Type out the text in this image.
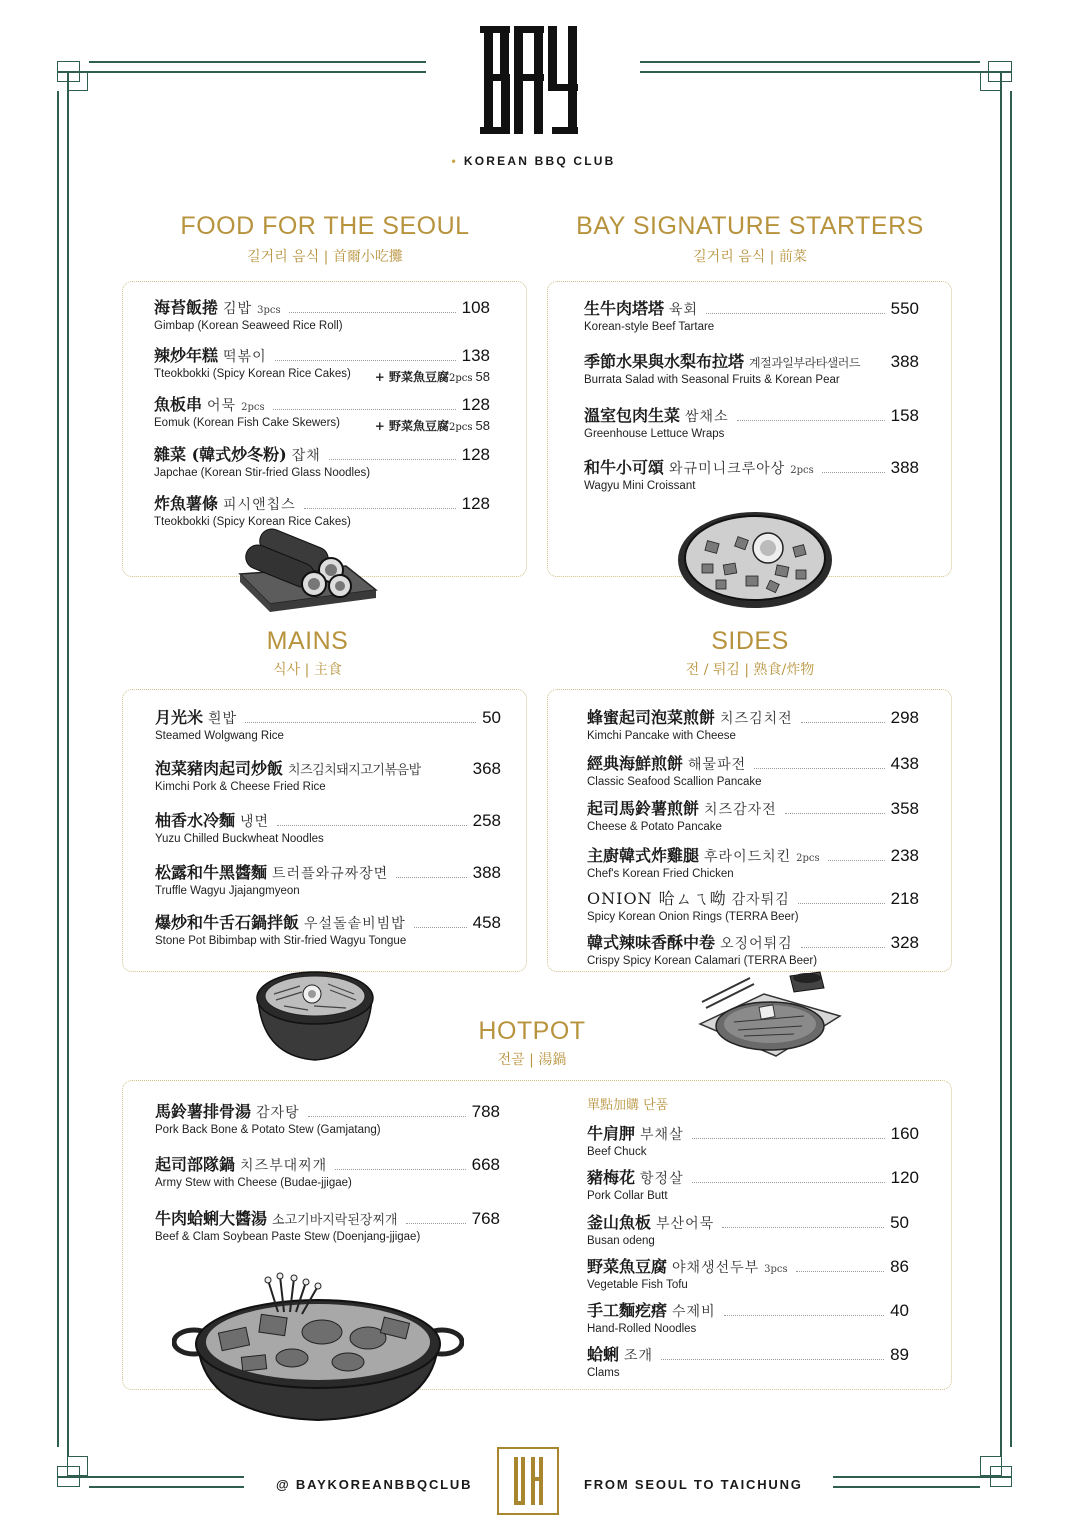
• KOREAN BBQ CLUB
FOOD FOR THE SEOUL
길거리 음식 | 首爾小吃攤
海苔飯捲 김밥 3pcs	108
Gimbap (Korean Seaweed Rice Roll)
辣炒年糕 떡볶이	138
Tteokbokki (Spicy Korean Rice Cakes) + 野菜魚豆腐2pcs 58
魚板串 어묵 2pcs	128
Eomuk (Korean Fish Cake Skewers)	+ 野菜魚豆腐2pcs 58
雜菜 (韓式炒冬粉) 잡채	128
Japchae (Korean Stir-fried Glass Noodles)
炸魚薯條 피시앤칩스	128
Tteokbokki (Spicy Korean Rice Cakes)
BAY SIGNATURE STARTERS
길거리 음식 | 前菜
生牛肉塔塔 육회	550
Korean-style Beef Tartare
季節水果與水梨布拉塔 계절과일부라타샐러드 388
Burrata Salad with Seasonal Fruits & Korean Pear
溫室包肉生菜 쌈채소	158
Greenhouse Lettuce Wraps
和牛小可頌 와규미니크루아상 2pcs	388
Wagyu Mini Croissant
MAINS
식사 | 主食
月光米 흰밥	50
Steamed Wolgwang Rice
泡菜豬肉起司炒飯 치즈김치돼지고기볶음밥	368
Kimchi Pork & Cheese Fried Rice
柚香水冷麵 냉면	258
Yuzu Chilled Buckwheat Noodles
松露和牛黑醬麵 트러플와규짜장면	388
Truffle Wagyu Jjajangmyeon
爆炒和牛舌石鍋拌飯 우설돌솥비빔밥	458
Stone Pot Bibimbap with Stir-fried Wagyu Tongue
SIDES
전 / 튀김 | 熟食/炸物
蜂蜜起司泡菜煎餅 치즈김치전	298
Kimchi Pancake with Cheese
經典海鮮煎餅 해물파전	438
Classic Seafood Scallion Pancake
起司馬鈴薯煎餅 치즈감자전	358
Cheese & Potato Pancake
主廚韓式炸雞腿 후라이드치킨 2pcs	238
Chef's Korean Fried Chicken
ONION 哈ㄙㄟ呦 감자튀김	218
Spicy Korean Onion Rings (TERRA Beer)
韓式辣味香酥中卷 오징어튀김	328
Crispy Spicy Korean Calamari (TERRA Beer)
HOTPOT
전골 | 湯鍋
馬鈴薯排骨湯 감자탕	788
Pork Back Bone & Potato Stew (Gamjatang)
起司部隊鍋 치즈부대찌개	668
Army Stew with Cheese (Budae-jjigae)
牛肉蛤蜊大醬湯 소고기바지락된장찌개	768
Beef & Clam Soybean Paste Stew (Doenjang-jjigae)
單點加購 단품
牛肩胛 부채살	160
Beef Chuck
豬梅花 항정살	120
Pork Collar Butt
釜山魚板 부산어묵	50
Busan odeng
野菜魚豆腐 야채생선두부 3pcs	86
Vegetable Fish Tofu
手工麵疙瘩 수제비	40
Hand-Rolled Noodles
蛤蜊 조개	89
Clams
@ BAYKOREANBBQCLUB	FROM SEOUL TO TAICHUNG
